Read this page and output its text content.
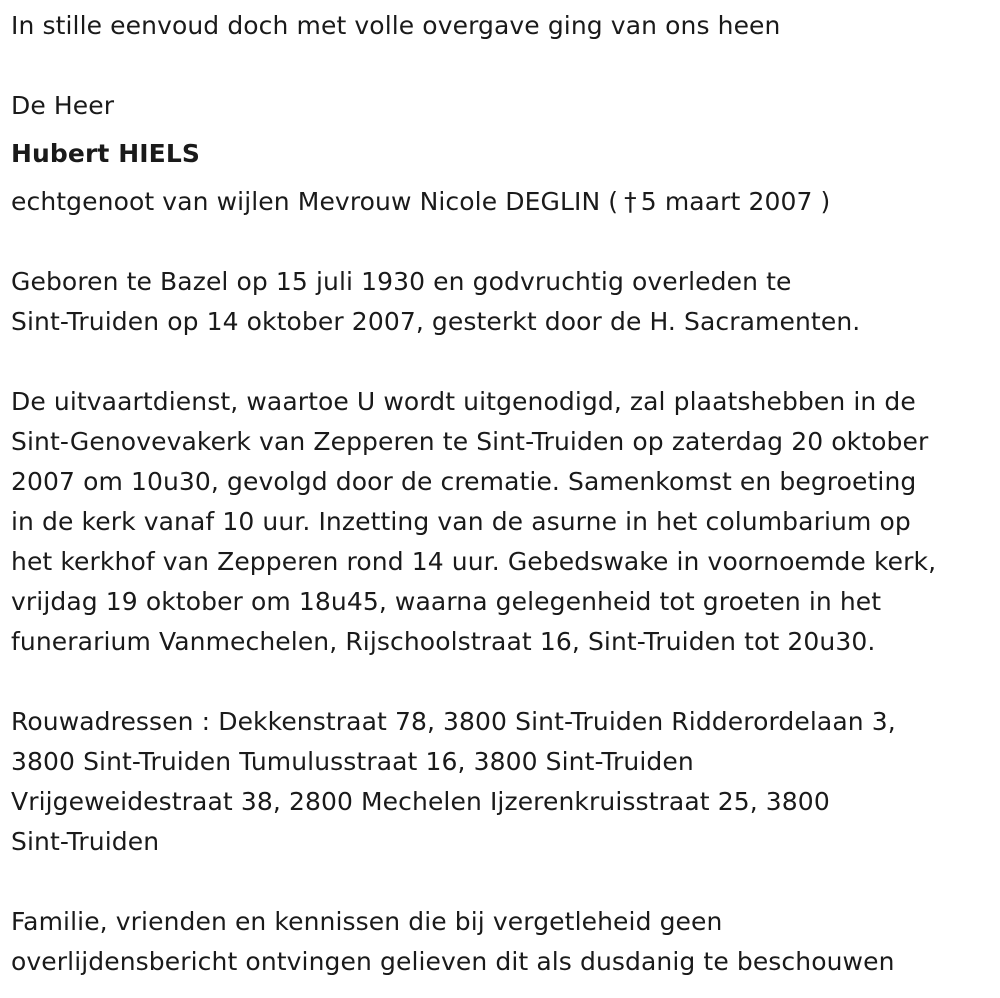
In stille eenvoud doch met volle overgave ging van ons heen

De Heer

Hubert HIELS

echtgenoot van wijlen Mevrouw Nicole DEGLIN ( † 5 maart 2007 )

Geboren te Bazel op 15 juli 1930 en godvruchtig overleden te

Sint-Truiden op 14 oktober 2007, gesterkt door de H. Sacramenten.

De uitvaartdienst, waartoe U wordt uitgenodigd, zal plaatshebben in de

Sint-Genovevakerk van Zepperen te Sint-Truiden op zaterdag 20 oktober

2007 om 10u30, gevolgd door de crematie. Samenkomst en begroeting

in de kerk vanaf 10 uur. Inzetting van de asurne in het columbarium op

het kerkhof van Zepperen rond 14 uur. Gebedswake in voornoemde kerk,

vrijdag 19 oktober om 18u45, waarna gelegenheid tot groeten in het

funerarium Vanmechelen, Rijschoolstraat 16, Sint-Truiden tot 20u30.

Rouwadressen : Dekkenstraat 78, 3800 Sint-Truiden Ridderordelaan 3,

3800 Sint-Truiden Tumulusstraat 16, 3800 Sint-Truiden

Vrijgeweidestraat 38, 2800 Mechelen Ijzerenkruisstraat 25, 3800

Sint-Truiden

Familie, vrienden en kennissen die bij vergetleheid geen

overlijdensbericht ontvingen gelieven dit als dusdanig te beschouwen
